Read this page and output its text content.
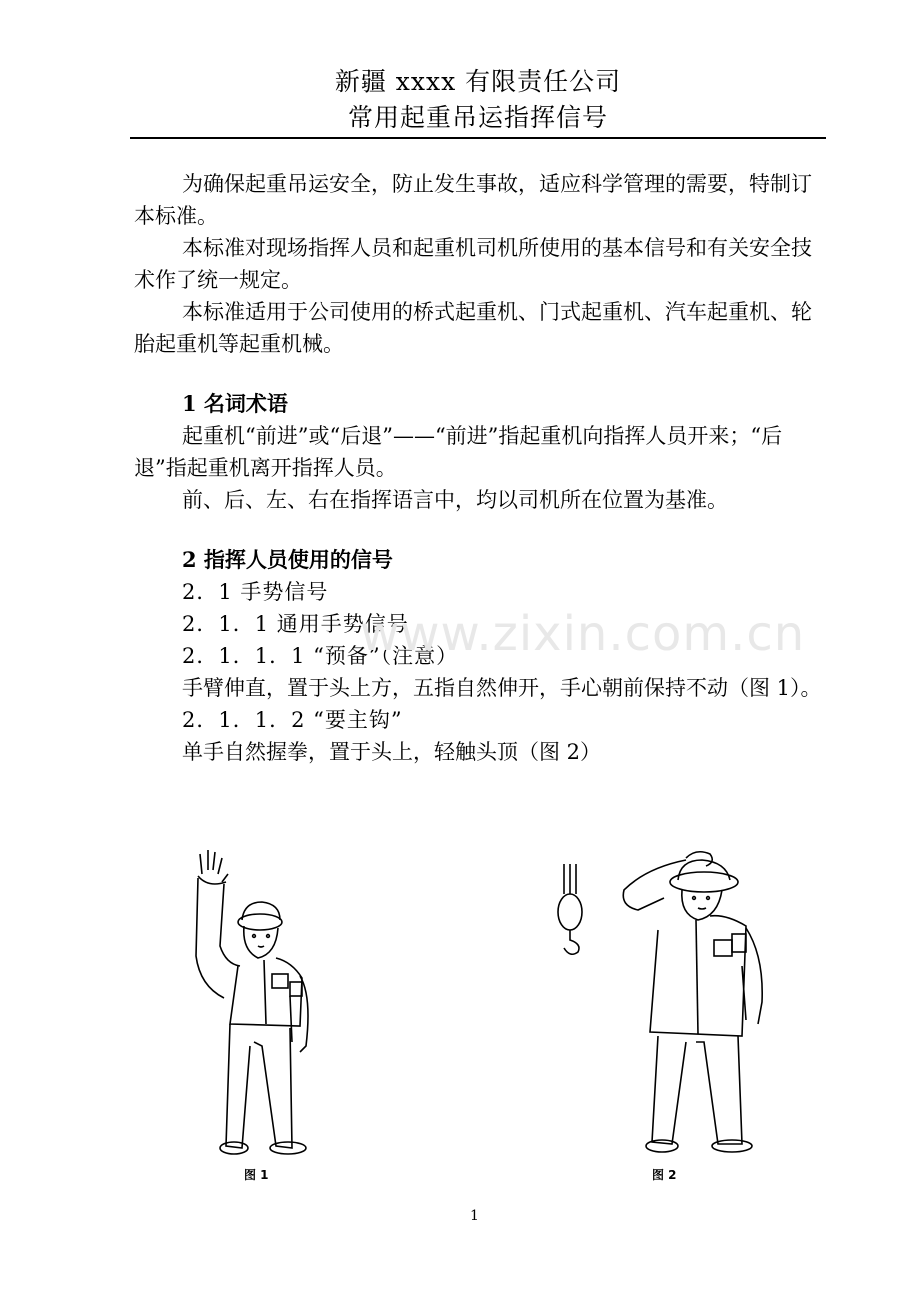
新疆 xxxx 有限责任公司
常用起重吊运指挥信号

为确保起重吊运安全，防止发生事故，适应科学管理的需要，特制订本标准。

本标准对现场指挥人员和起重机司机所使用的基本信号和有关安全技术作了统一规定。

本标准适用于公司使用的桥式起重机、门式起重机、汽车起重机、轮胎起重机等起重机械。

1 名词术语

起重机“前进”或“后退”——“前进”指起重机向指挥人员开来；“后退”指起重机离开指挥人员。

前、后、左、右在指挥语言中，均以司机所在位置为基准。

2 指挥人员使用的信号

2．1 手势信号

2．1．1 通用手势信号

2．1．1．1 “预备”（注意）

手臂伸直，置于头上方，五指自然伸开，手心朝前保持不动（图 1）。

2．1．1．2 “要主钩”

单手自然握拳，置于头上，轻触头顶（图 2）

www.zixin.com.cn
图 1	图 2
1
